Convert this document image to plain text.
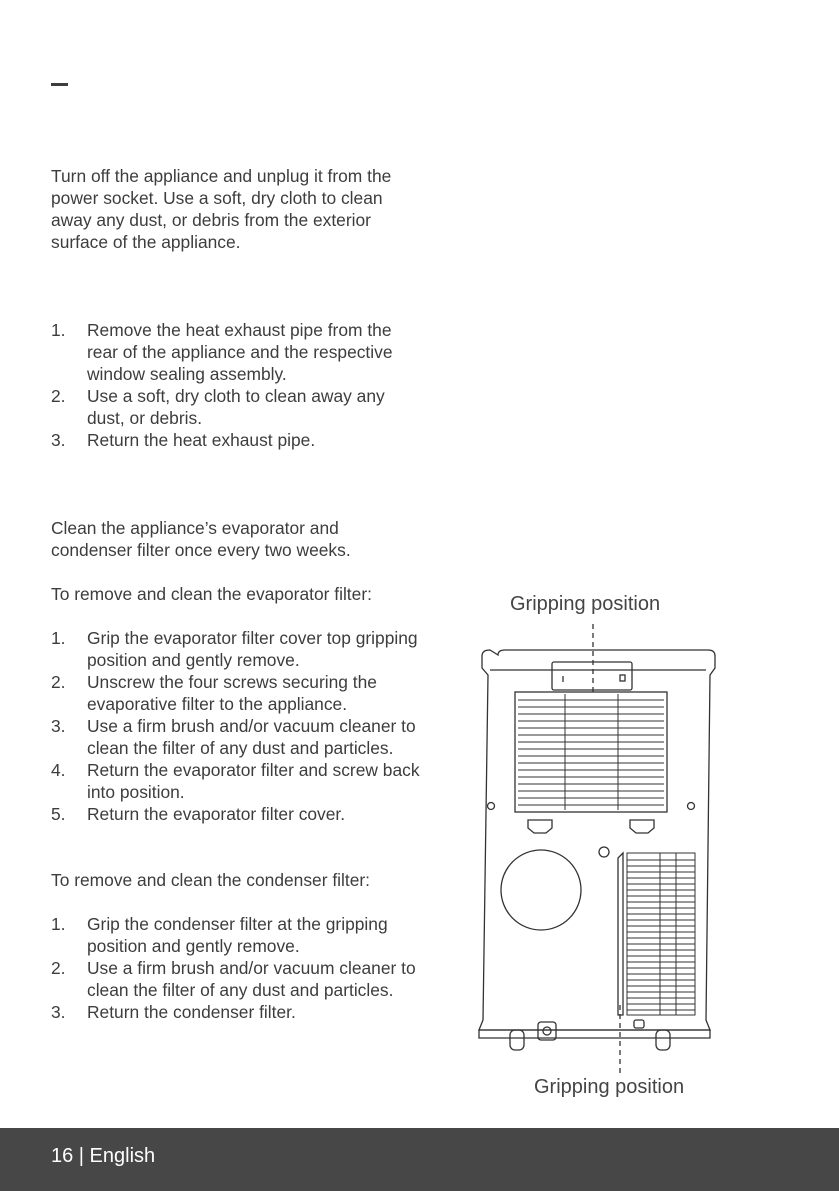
Turn off the appliance and unplug it from the power socket. Use a soft, dry cloth to clean away any dust, or debris from the exterior surface of the appliance.

1.	Remove the heat exhaust pipe from the rear of the appliance and the respective window sealing assembly.
2.	Use a soft, dry cloth to clean away any dust, or debris.
3.	Return the heat exhaust pipe.

Clean the appliance’s evaporator and condenser filter once every two weeks.

To remove and clean the evaporator filter:

1.	Grip the evaporator filter cover top gripping position and gently remove.
2.	Unscrew the four screws securing the evaporative filter to the appliance.
3.	Use a firm brush and/or vacuum cleaner to clean the filter of any dust and particles.
4.	Return the evaporator filter and screw back into position.
5.	Return the evaporator filter cover.

To remove and clean the condenser filter:

1.	Grip the condenser filter at the gripping position and gently remove.
2.	Use a firm brush and/or vacuum cleaner to clean the filter of any dust and particles.
3.	Return the condenser filter.
Gripping position
Gripping position
16 | English
